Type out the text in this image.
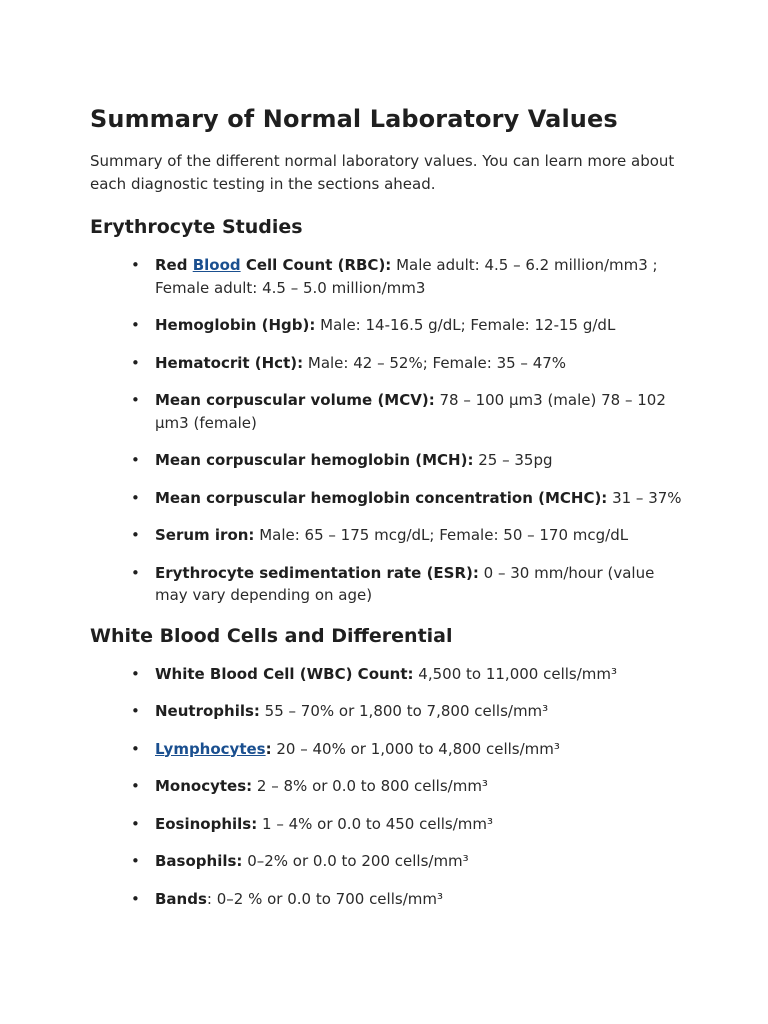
Summary of Normal Laboratory Values

Summary of the different normal laboratory values. You can learn more about each diagnostic testing in the sections ahead.

Erythrocyte Studies
• Red Blood Cell Count (RBC): Male adult: 4.5 – 6.2 million/mm3 ; Female adult: 4.5 – 5.0 million/mm3
• Hemoglobin (Hgb): Male: 14-16.5 g/dL; Female: 12-15 g/dL
• Hematocrit (Hct): Male: 42 – 52%; Female: 35 – 47%
• Mean corpuscular volume (MCV): 78 – 100 μm3 (male) 78 – 102 μm3 (female)
• Mean corpuscular hemoglobin (MCH): 25 – 35pg
• Mean corpuscular hemoglobin concentration (MCHC): 31 – 37%
• Serum iron: Male: 65 – 175 mcg/dL; Female: 50 – 170 mcg/dL
• Erythrocyte sedimentation rate (ESR): 0 – 30 mm/hour (value may vary depending on age)
White Blood Cells and Differential
• White Blood Cell (WBC) Count: 4,500 to 11,000 cells/mm³
• Neutrophils: 55 – 70% or 1,800 to 7,800 cells/mm³
• Lymphocytes: 20 – 40% or 1,000 to 4,800 cells/mm³
• Monocytes: 2 – 8% or 0.0 to 800 cells/mm³
• Eosinophils: 1 – 4% or 0.0 to 450 cells/mm³
• Basophils: 0–2% or 0.0 to 200 cells/mm³
• Bands: 0–2 % or 0.0 to 700 cells/mm³
